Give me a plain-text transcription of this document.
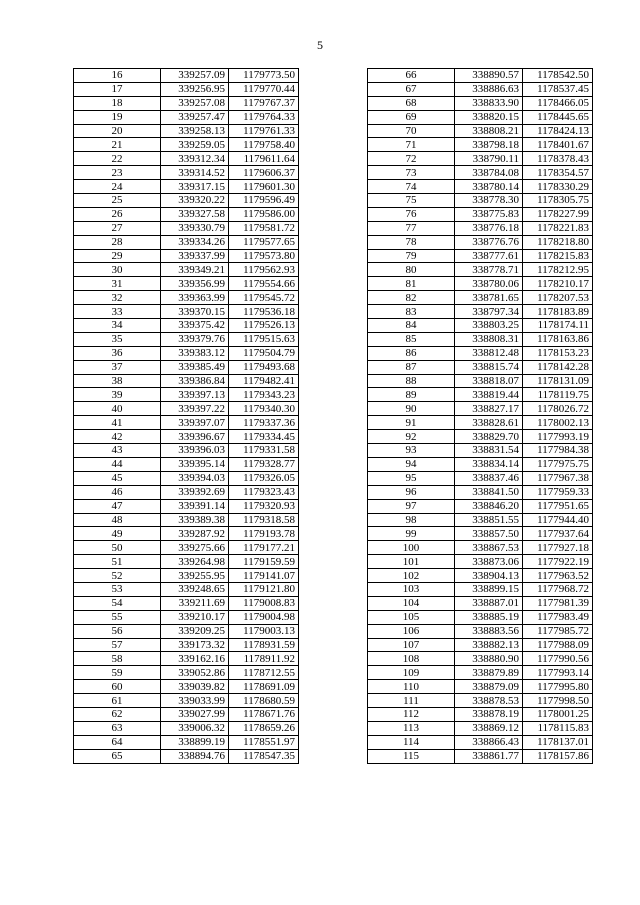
5
16	339257.09	1179773.50
17	339256.95	1179770.44
18	339257.08	1179767.37
19	339257.47	1179764.33
20	339258.13	1179761.33
21	339259.05	1179758.40
22	339312.34	1179611.64
23	339314.52	1179606.37
24	339317.15	1179601.30
25	339320.22	1179596.49
26	339327.58	1179586.00
27	339330.79	1179581.72
28	339334.26	1179577.65
29	339337.99	1179573.80
30	339349.21	1179562.93
31	339356.99	1179554.66
32	339363.99	1179545.72
33	339370.15	1179536.18
34	339375.42	1179526.13
35	339379.76	1179515.63
36	339383.12	1179504.79
37	339385.49	1179493.68
38	339386.84	1179482.41
39	339397.13	1179343.23
40	339397.22	1179340.30
41	339397.07	1179337.36
42	339396.67	1179334.45
43	339396.03	1179331.58
44	339395.14	1179328.77
45	339394.03	1179326.05
46	339392.69	1179323.43
47	339391.14	1179320.93
48	339389.38	1179318.58
49	339287.92	1179193.78
50	339275.66	1179177.21
51	339264.98	1179159.59
52	339255.95	1179141.07
53	339248.65	1179121.80
54	339211.69	1179008.83
55	339210.17	1179004.98
56	339209.25	1179003.13
57	339173.32	1178931.59
58	339162.16	1178911.92
59	339052.86	1178712.55
60	339039.82	1178691.09
61	339033.99	1178680.59
62	339027.99	1178671.76
63	339006.32	1178659.26
64	338899.19	1178551.97
65	338894.76	1178547.35
66	338890.57	1178542.50
67	338886.63	1178537.45
68	338833.90	1178466.05
69	338820.15	1178445.65
70	338808.21	1178424.13
71	338798.18	1178401.67
72	338790.11	1178378.43
73	338784.08	1178354.57
74	338780.14	1178330.29
75	338778.30	1178305.75
76	338775.83	1178227.99
77	338776.18	1178221.83
78	338776.76	1178218.80
79	338777.61	1178215.83
80	338778.71	1178212.95
81	338780.06	1178210.17
82	338781.65	1178207.53
83	338797.34	1178183.89
84	338803.25	1178174.11
85	338808.31	1178163.86
86	338812.48	1178153.23
87	338815.74	1178142.28
88	338818.07	1178131.09
89	338819.44	1178119.75
90	338827.17	1178026.72
91	338828.61	1178002.13
92	338829.70	1177993.19
93	338831.54	1177984.38
94	338834.14	1177975.75
95	338837.46	1177967.38
96	338841.50	1177959.33
97	338846.20	1177951.65
98	338851.55	1177944.40
99	338857.50	1177937.64
100	338867.53	1177927.18
101	338873.06	1177922.19
102	338904.13	1177963.52
103	338899.15	1177968.72
104	338887.01	1177981.39
105	338885.19	1177983.49
106	338883.56	1177985.72
107	338882.13	1177988.09
108	338880.90	1177990.56
109	338879.89	1177993.14
110	338879.09	1177995.80
111	338878.53	1177998.50
112	338878.19	1178001.25
113	338869.12	1178115.83
114	338866.43	1178137.01
115	338861.77	1178157.86
